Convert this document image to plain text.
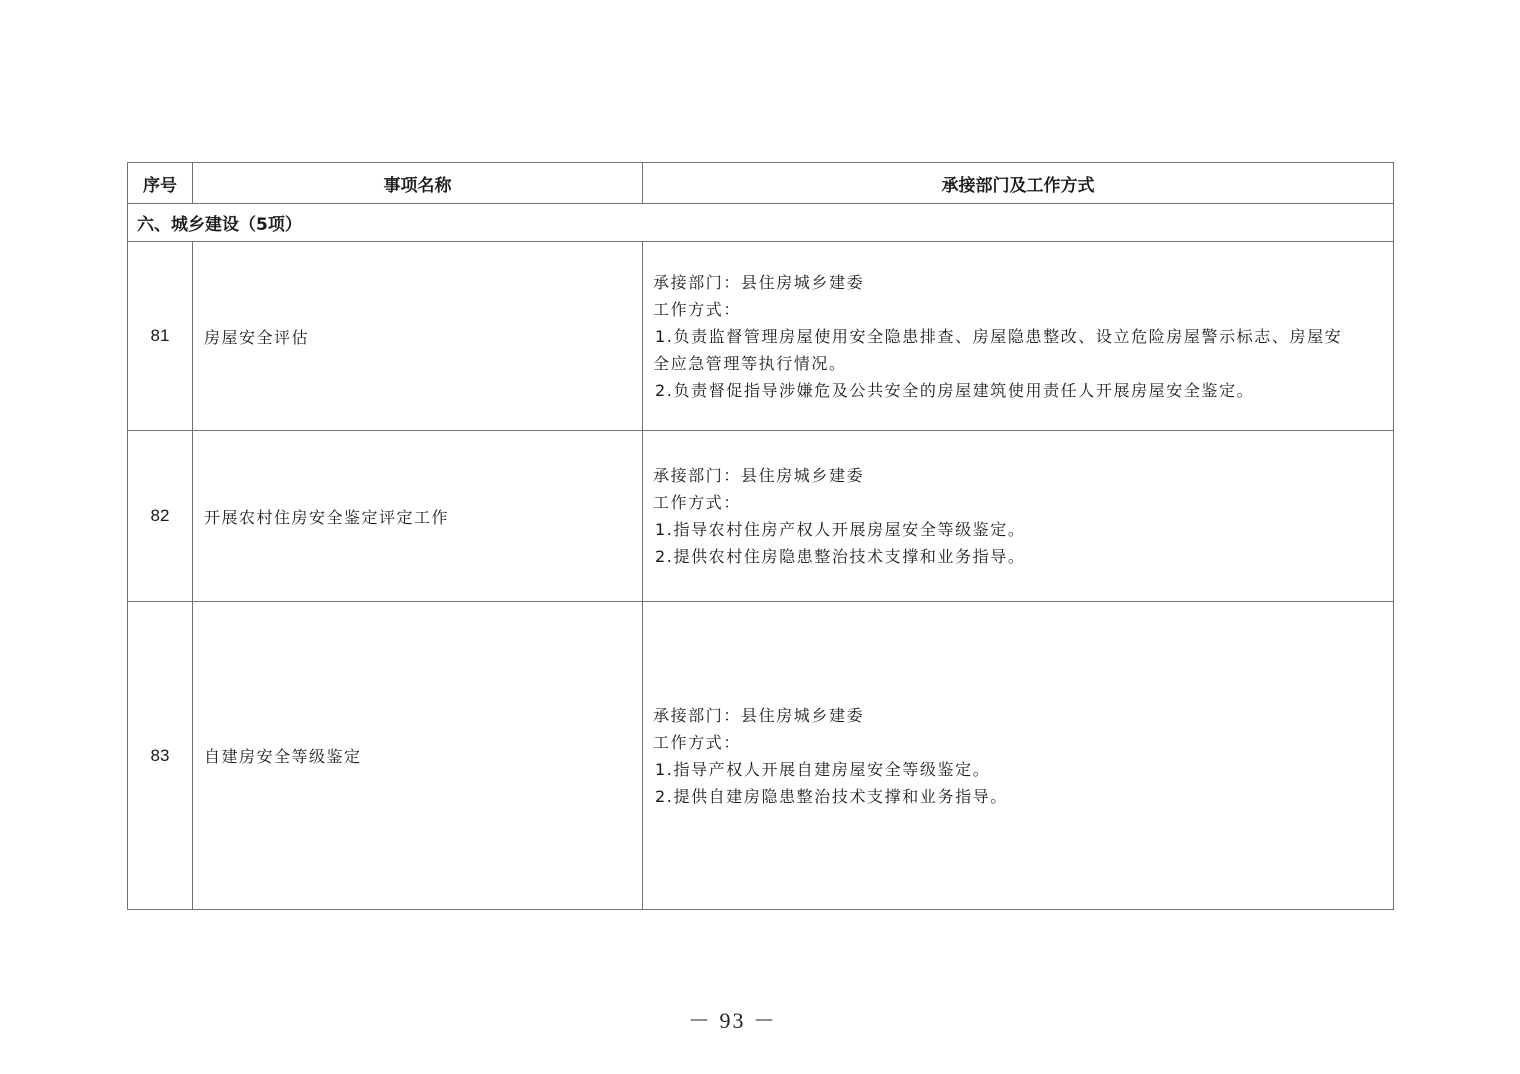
序号	事项名称	承接部门及工作方式
六、城乡建设（5项）		
81	房屋安全评估	承接部门：县住房城乡建委
工作方式：
1.负责监督管理房屋使用安全隐患排查、房屋隐患整改、设立危险房屋警示标志、房屋安
全应急管理等执行情况。
2.负责督促指导涉嫌危及公共安全的房屋建筑使用责任人开展房屋安全鉴定。

82	开展农村住房安全鉴定评定工作	承接部门：县住房城乡建委
工作方式：
1.指导农村住房产权人开展房屋安全等级鉴定。
2.提供农村住房隐患整治技术支撑和业务指导。

83	自建房安全等级鉴定	承接部门：县住房城乡建委
工作方式：
1.指导产权人开展自建房屋安全等级鉴定。
2.提供自建房隐患整治技术支撑和业务指导。
－ 93 －
